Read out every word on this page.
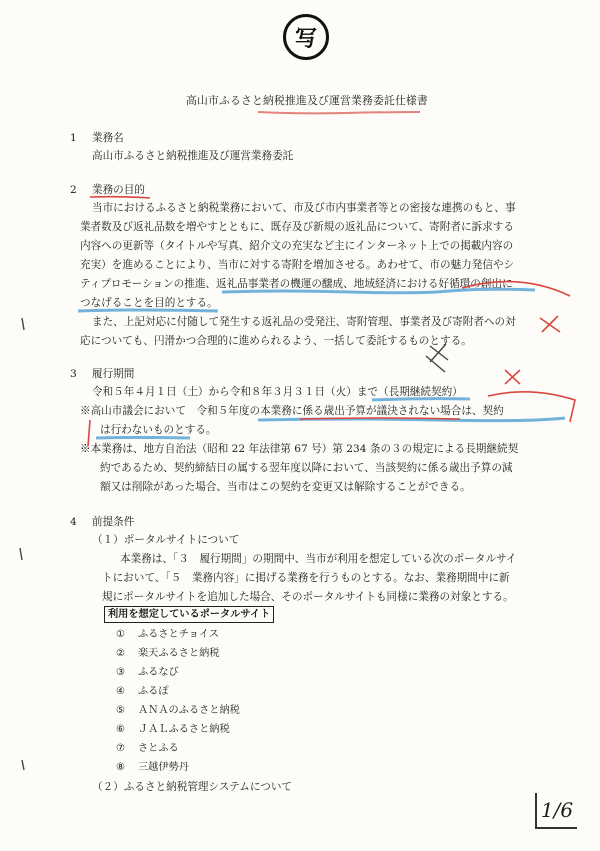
写
高山市ふるさと納税推進及び運営業務委託仕様書
1 業務名
高山市ふるさと納税推進及び運営業務委託
2 業務の目的
当市におけるふるさと納税業務において、市及び市内事業者等との密接な連携のもと、事
業者数及び返礼品数を増やすとともに、既存及び新規の返礼品について、寄附者に訴求する
内容への更新等（タイトルや写真、紹介文の充実など主にインターネット上での掲載内容の
充実）を進めることにより、当市に対する寄附を増加させる。あわせて、市の魅力発信やシ
ティプロモーションの推進、返礼品事業者の機運の醸成、地域経済における好循環の創出に
つなげることを目的とする。
また、上記対応に付随して発生する返礼品の受発注、寄附管理、事業者及び寄附者への対
応についても、円滑かつ合理的に進められるよう、一括して委託するものとする。
3 履行期間
令和５年４月１日（土）から令和８年３月３１日（火）まで（長期継続契約）
※高山市議会において　令和５年度の本業務に係る歳出予算が議決されない場合は、契約
は行わないものとする。
※本業務は、地方自治法（昭和 22 年法律第 67 号）第 234 条の３の規定による長期継続契
約であるため、契約締結日の属する翌年度以降において、当該契約に係る歳出予算の減
額又は削除があった場合、当市はこの契約を変更又は解除することができる。
4 前提条件
（１）ポータルサイトについて
本業務は、「３　履行期間」の期間中、当市が利用を想定している次のポータルサイ
トにおいて、「５　業務内容」に掲げる業務を行うものとする。なお、業務期間中に新
規にポータルサイトを追加した場合、そのポータルサイトも同様に業務の対象とする。
利用を想定しているポータルサイト
① ふるさとチョイス
② 楽天ふるさと納税
③ ふるなび
④ ふるぽ
⑤ ＡＮＡのふるさと納税
⑥ ＪＡＬふるさと納税
⑦ さとふる
⑧ 三越伊勢丹
（２）ふるさと納税管理システムについて
1/6
